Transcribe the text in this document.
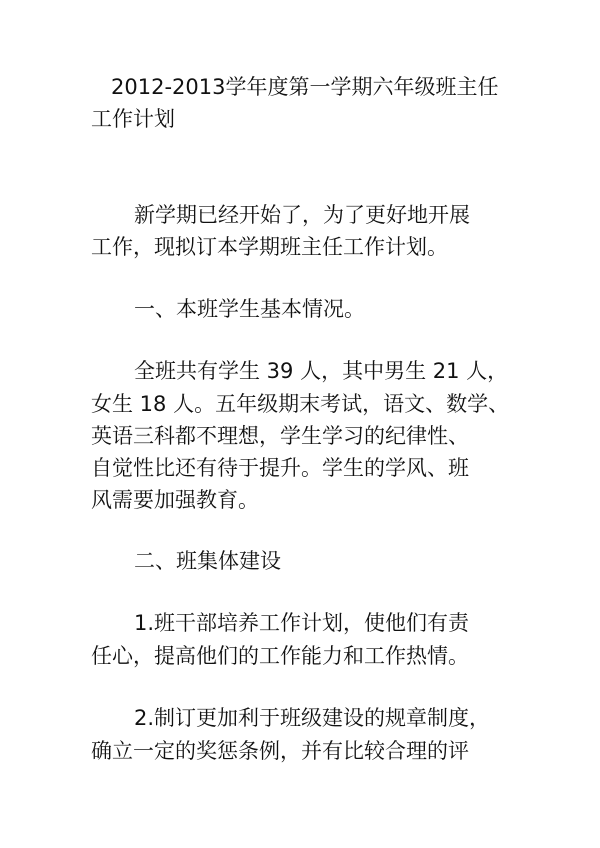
2012-2013学年度第一学期六年级班主任
工作计划
新学期已经开始了，为了更好地开展
工作，现拟订本学期班主任工作计划。
一、本班学生基本情况。
全班共有学生 39 人，其中男生 21 人，
女生 18 人。五年级期末考试，语文、数学、
英语三科都不理想，学生学习的纪律性、
自觉性比还有待于提升。学生的学风、班
风需要加强教育。
二、班集体建设
1.班干部培养工作计划，使他们有责
任心，提高他们的工作能力和工作热情。
2.制订更加利于班级建设的规章制度，
确立一定的奖惩条例，并有比较合理的评
